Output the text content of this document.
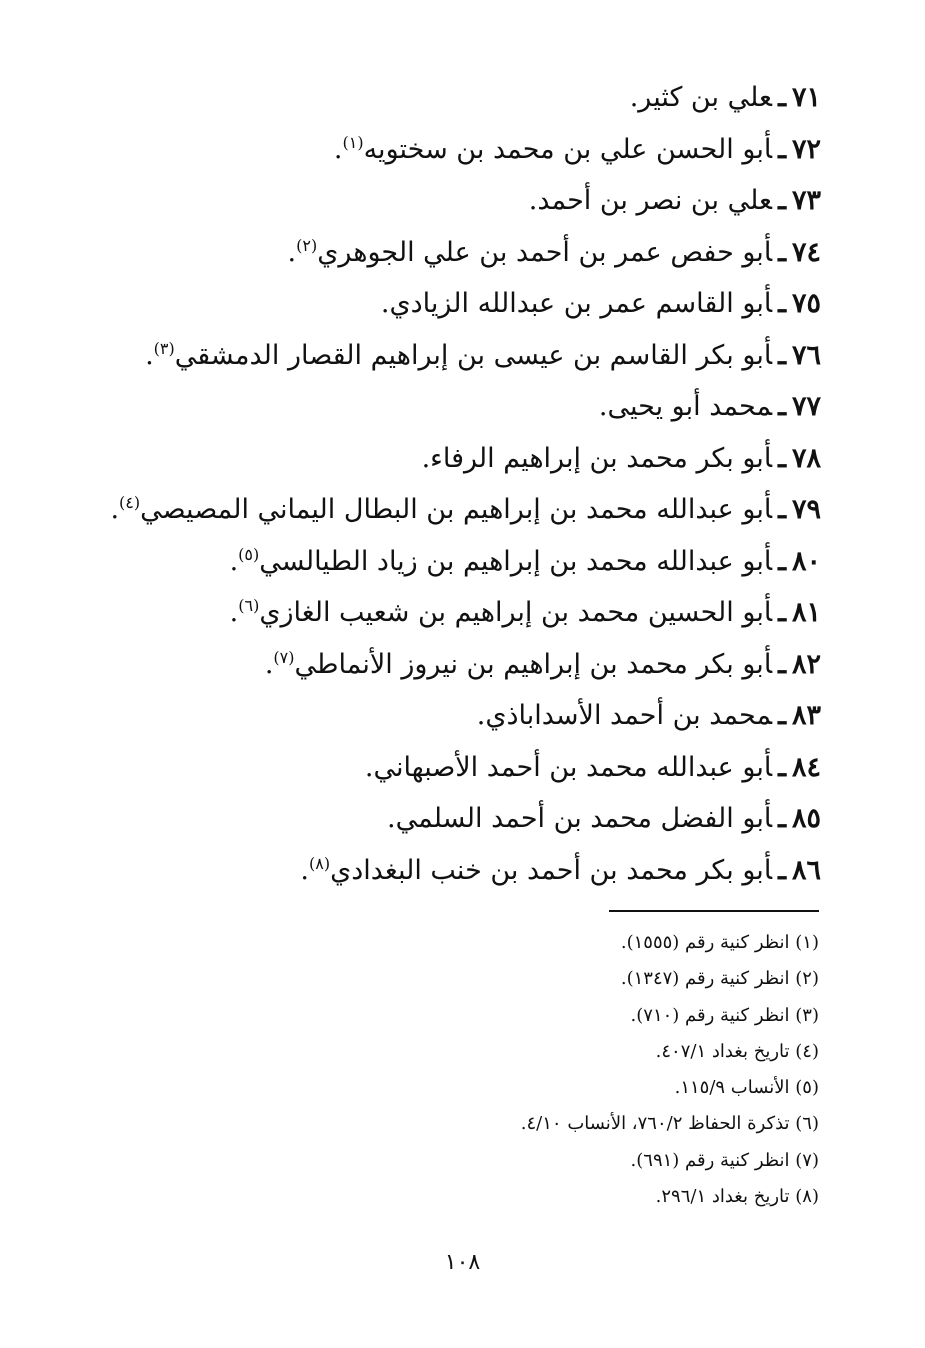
٧١ـعلي بن كثير.
٧٢ـأبو الحسن علي بن محمد بن سختويه$^{(١)}$.
٧٣ـعلي بن نصر بن أحمد.
٧٤ـأبو حفص عمر بن أحمد بن علي الجوهري$^{(٢)}$.
٧٥ـأبو القاسم عمر بن عبدالله الزيادي.
٧٦ـأبو بكر القاسم بن عيسى بن إبراهيم القصار الدمشقي$^{(٣)}$.
٧٧ـمحمد أبو يحيى.
٧٨ـأبو بكر محمد بن إبراهيم الرفاء.
٧٩ـأبو عبدالله محمد بن إبراهيم بن البطال اليماني المصيصي$^{(٤)}$.
٨٠ـأبو عبدالله محمد بن إبراهيم بن زياد الطيالسي$^{(٥)}$.
٨١ـأبو الحسين محمد بن إبراهيم بن شعيب الغازي$^{(٦)}$.
٨٢ـأبو بكر محمد بن إبراهيم بن نيروز الأنماطي$^{(٧)}$.
٨٣ـمحمد بن أحمد الأسداباذي.
٨٤ـأبو عبدالله محمد بن أحمد الأصبهاني.
٨٥ـأبو الفضل محمد بن أحمد السلمي.
٨٦ـأبو بكر محمد بن أحمد بن خنب البغدادي$^{(٨)}$.
(١) انظر كنية رقم (١٥٥٥).
(٢) انظر كنية رقم (١٣٤٧).
(٣) انظر كنية رقم (٧١٠).
(٤) تاريخ بغداد ٤٠٧/١.
(٥) الأنساب ١١٥/٩.
(٦) تذكرة الحفاظ ٧٦٠/٢، الأنساب ٤/١٠.
(٧) انظر كنية رقم (٦٩١).
(٨) تاريخ بغداد ٢٩٦/١.
١٠٨
